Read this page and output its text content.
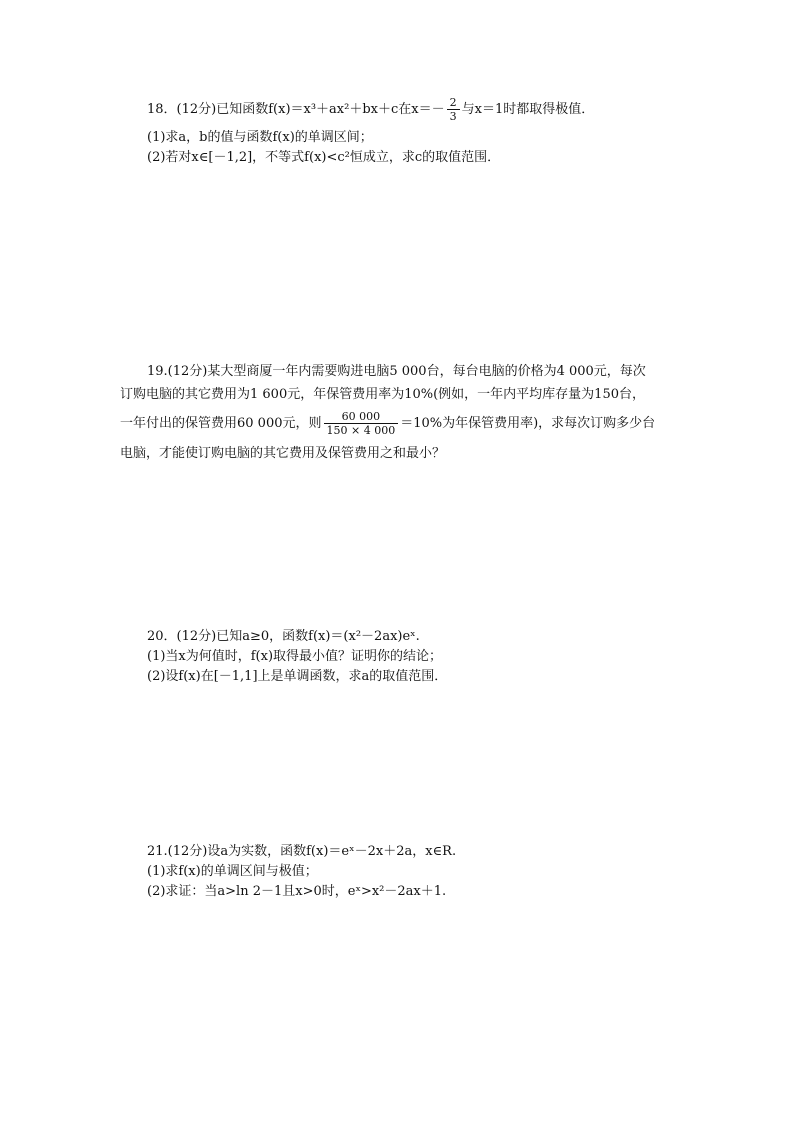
18．(12分)已知函数f(x)＝x³＋ax²＋bx＋c在$x=- \frac{2}{3}$ 与x＝1时都取得极值．
(1)求a，b的值与函数f(x)的单调区间；
(2)若对x∈[－1,2]，不等式f(x)<c²恒成立，求c的取值范围．
19.(12分)某大型商厦一年内需要购进电脑5 000台，每台电脑的价格为4 000元，每次
订购电脑的其它费用为1 600元，年保管费用率为10%(例如，一年内平均库存量为150台，
一年付出的保管费用60 000元，则 $\frac{60 000}{150 \times 4 000} =10\%$为年保管费用率)，求每次订购多少台
电脑，才能使订购电脑的其它费用及保管费用之和最小？
20．(12分)已知a≥0，函数f(x)＝(x²－2ax)eˣ.
(1)当x为何值时，f(x)取得最小值？证明你的结论；
(2)设f(x)在[－1,1]上是单调函数，求a的取值范围．
21.(12分)设a为实数，函数f(x)＝eˣ－2x＋2a，x∈R.
(1)求f(x)的单调区间与极值；
(2)求证：当a>ln 2－1且x>0时，eˣ>x²－2ax＋1.
